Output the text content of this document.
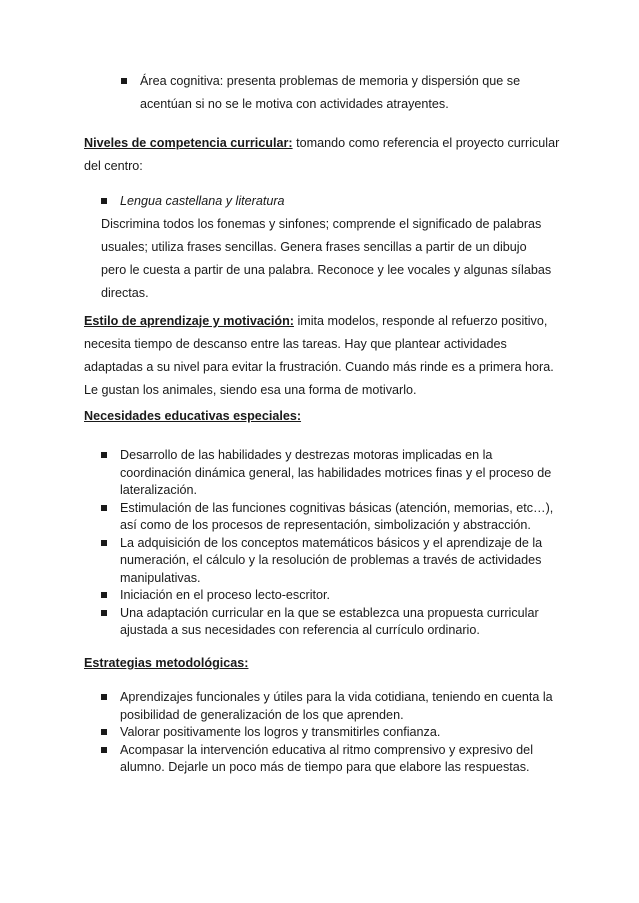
Área cognitiva: presenta problemas de memoria y dispersión que se acentúan si no se le motiva con actividades atrayentes.
Niveles de competencia curricular: tomando como referencia el proyecto curricular del centro:
Lengua castellana y literatura
Discrimina todos los fonemas y sinfones; comprende el significado de palabras usuales; utiliza frases sencillas. Genera frases sencillas a partir de un dibujo pero le cuesta a partir de una palabra. Reconoce y lee vocales y algunas sílabas directas.
Estilo de aprendizaje y motivación: imita modelos, responde al refuerzo positivo, necesita tiempo de descanso entre las tareas. Hay que plantear actividades adaptadas a su nivel para evitar la frustración. Cuando más rinde es a primera hora. Le gustan los animales, siendo esa una forma de motivarlo.
Necesidades educativas especiales:
Desarrollo de las habilidades y destrezas motoras implicadas en la coordinación dinámica general, las habilidades motrices finas y el proceso de lateralización.
Estimulación de las funciones cognitivas básicas (atención, memorias, etc…), así como de los procesos de representación, simbolización y abstracción.
La adquisición de los conceptos matemáticos básicos y el aprendizaje de la numeración, el cálculo y la resolución de problemas a través de actividades manipulativas.
Iniciación en el proceso lecto-escritor.
Una adaptación curricular en la que se establezca una propuesta curricular ajustada a sus necesidades con referencia al currículo ordinario.
Estrategias metodológicas:
Aprendizajes funcionales y útiles para la vida cotidiana, teniendo en cuenta la posibilidad de generalización de los que aprenden.
Valorar positivamente los logros y transmitirles confianza.
Acompasar la intervención educativa al ritmo comprensivo y expresivo del alumno. Dejarle un poco más de tiempo para que elabore las respuestas.
